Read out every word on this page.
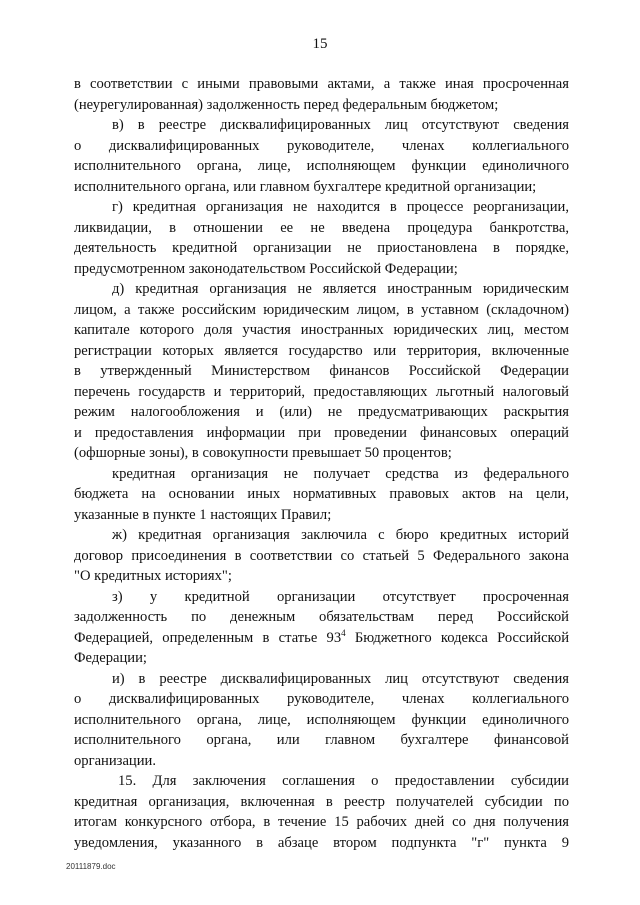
15
в соответствии с иными правовыми актами, а также иная просроченная
(неурегулированная) задолженность перед федеральным бюджетом;
в) в реестре дисквалифицированных лиц отсутствуют сведения
о дисквалифицированных руководителе, членах коллегиального
исполнительного органа, лице, исполняющем функции единоличного
исполнительного органа, или главном бухгалтере кредитной организации;
г) кредитная организация не находится в процессе реорганизации,
ликвидации, в отношении ее не введена процедура банкротства,
деятельность кредитной организации не приостановлена в порядке,
предусмотренном законодательством Российской Федерации;
д) кредитная организация не является иностранным юридическим
лицом, а также российским юридическим лицом, в уставном (складочном)
капитале которого доля участия иностранных юридических лиц, местом
регистрации которых является государство или территория, включенные
в утвержденный Министерством финансов Российской Федерации
перечень государств и территорий, предоставляющих льготный налоговый
режим налогообложения и (или) не предусматривающих раскрытия
и предоставления информации при проведении финансовых операций
(офшорные зоны), в совокупности превышает 50 процентов;
кредитная организация не получает средства из федерального
бюджета на основании иных нормативных правовых актов на цели,
указанные в пункте 1 настоящих Правил;
ж) кредитная организация заключила с бюро кредитных историй
договор присоединения в соответствии со статьей 5 Федерального закона
"О кредитных историях";
з) у кредитной организации отсутствует просроченная
задолженность по денежным обязательствам перед Российской
Федерацией, определенным в статье $93^4$ Бюджетного кодекса Российской
Федерации;
и) в реестре дисквалифицированных лиц отсутствуют сведения
о дисквалифицированных руководителе, членах коллегиального
исполнительного органа, лице, исполняющем функции единоличного
исполнительного органа, или главном бухгалтере финансовой
организации.
15. Для заключения соглашения о предоставлении субсидии
кредитная организация, включенная в реестр получателей субсидии по
итогам конкурсного отбора, в течение 15 рабочих дней со дня получения
уведомления, указанного в абзаце втором подпункта "г" пункта 9
20111879.doc
